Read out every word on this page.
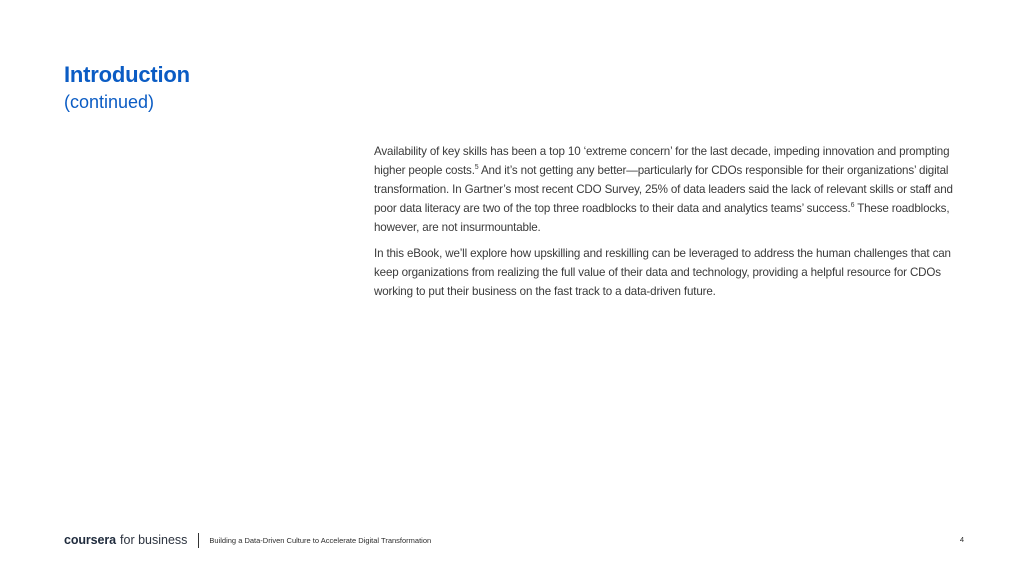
Introduction
(continued)

Availability of key skills has been a top 10 ‘extreme concern’ for the last decade, impeding innovation and prompting higher people costs.$^5$ And it’s not getting any better—particularly for CDOs responsible for their organizations’ digital transformation. In Gartner’s most recent CDO Survey, 25% of data leaders said the lack of relevant skills or staff and poor data literacy are two of the top three roadblocks to their data and analytics teams’ success.$^6$ These roadblocks, however, are not insurmountable.

In this eBook, we’ll explore how upskilling and reskilling can be leveraged to address the human challenges that can keep organizations from realizing the full value of their data and technology, providing a helpful resource for CDOs working to put their business on the fast track to a data-driven future.

coursera for business	Building a Data-Driven Culture to Accelerate Digital Transformation	4
